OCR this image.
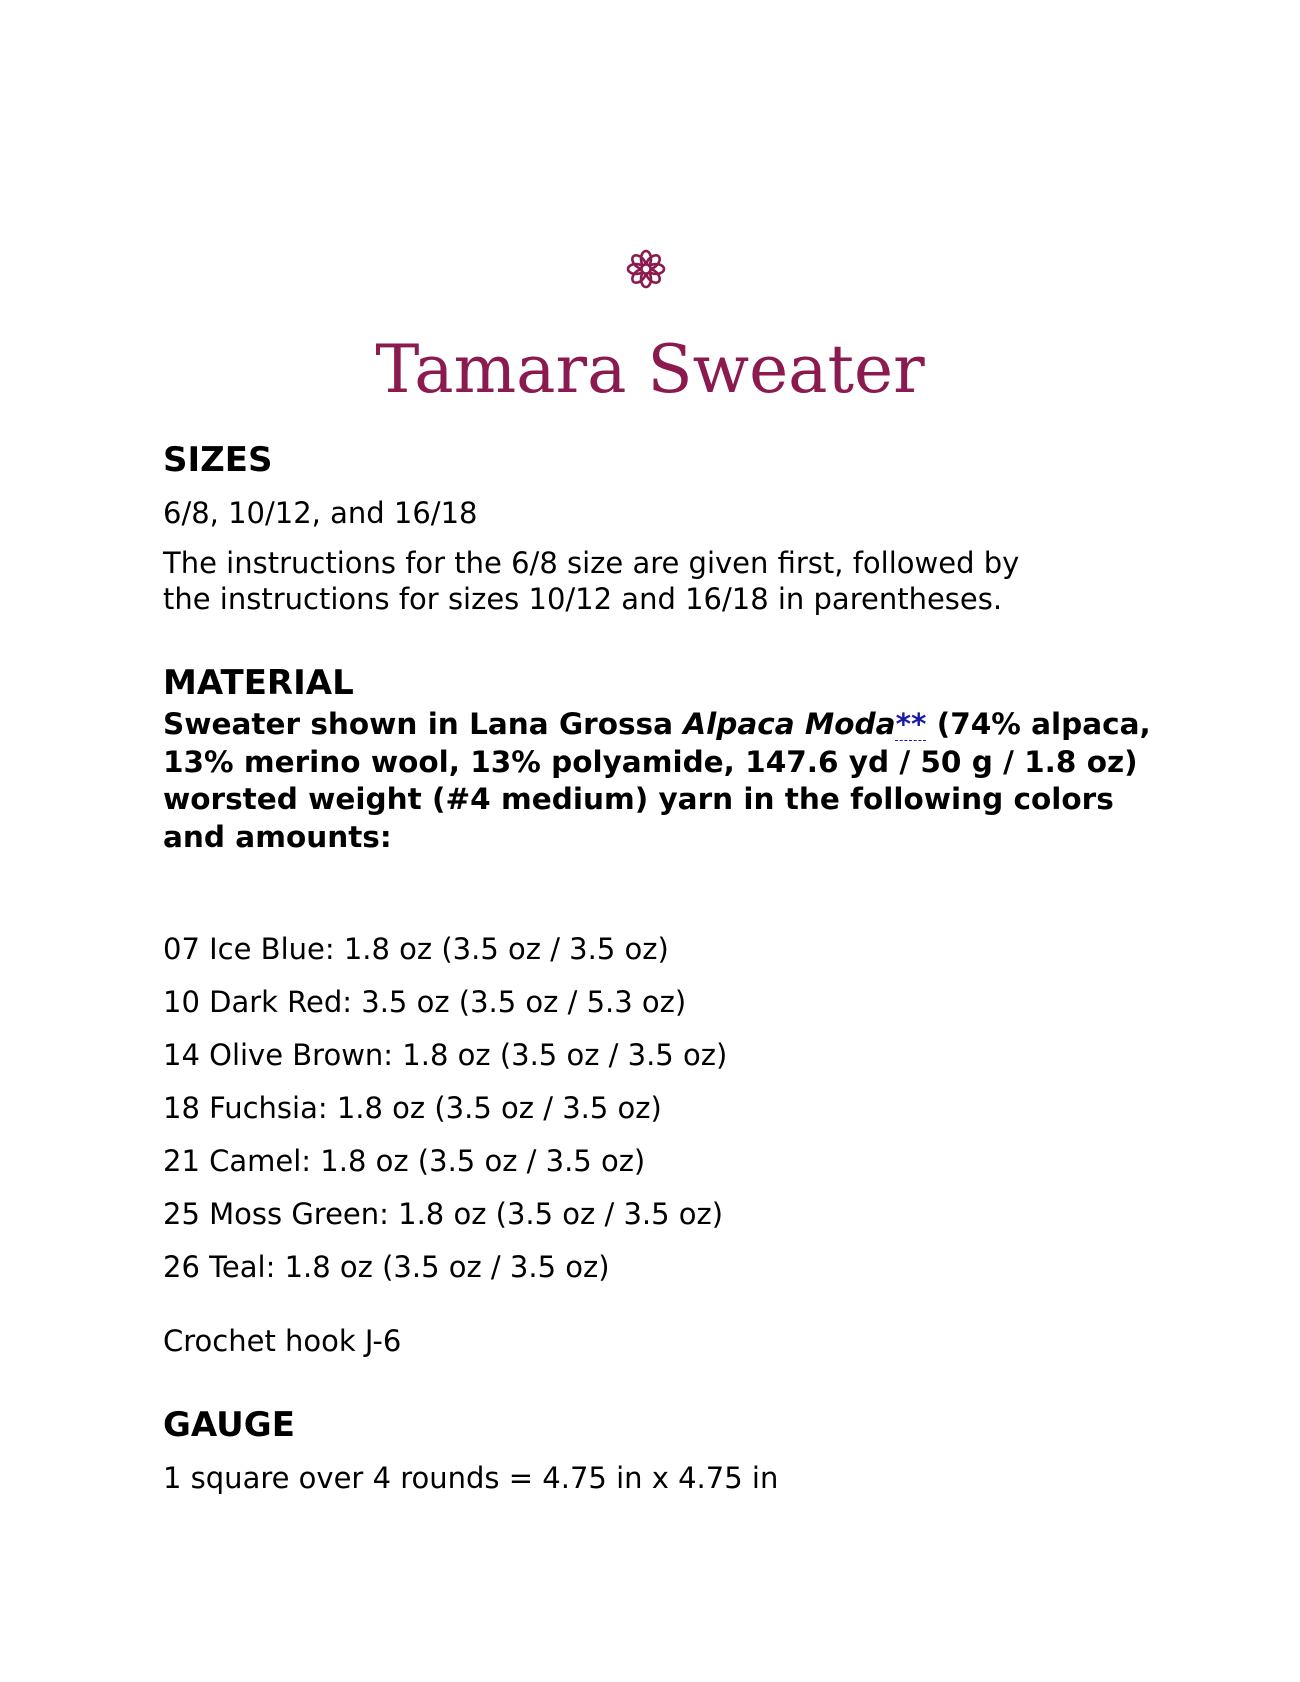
Tamara Sweater
SIZES

6/8, 10/12, and 16/18

The instructions for the 6/8 size are given first, followed by

the instructions for sizes 10/12 and 16/18 in parentheses.

MATERIAL

Sweater shown in Lana Grossa Alpaca Moda** (74% alpaca, 13% merino wool, 13% polyamide, 147.6 yd / 50 g / 1.8 oz) worsted weight (#4 medium) yarn in the following colors and amounts:

07 Ice Blue: 1.8 oz (3.5 oz / 3.5 oz)
10 Dark Red: 3.5 oz (3.5 oz / 5.3 oz)
14 Olive Brown: 1.8 oz (3.5 oz / 3.5 oz)
18 Fuchsia: 1.8 oz (3.5 oz / 3.5 oz)
21 Camel: 1.8 oz (3.5 oz / 3.5 oz)
25 Moss Green: 1.8 oz (3.5 oz / 3.5 oz)
26 Teal: 1.8 oz (3.5 oz / 3.5 oz)

Crochet hook J-6

GAUGE

1 square over 4 rounds = 4.75 in x 4.75 in
